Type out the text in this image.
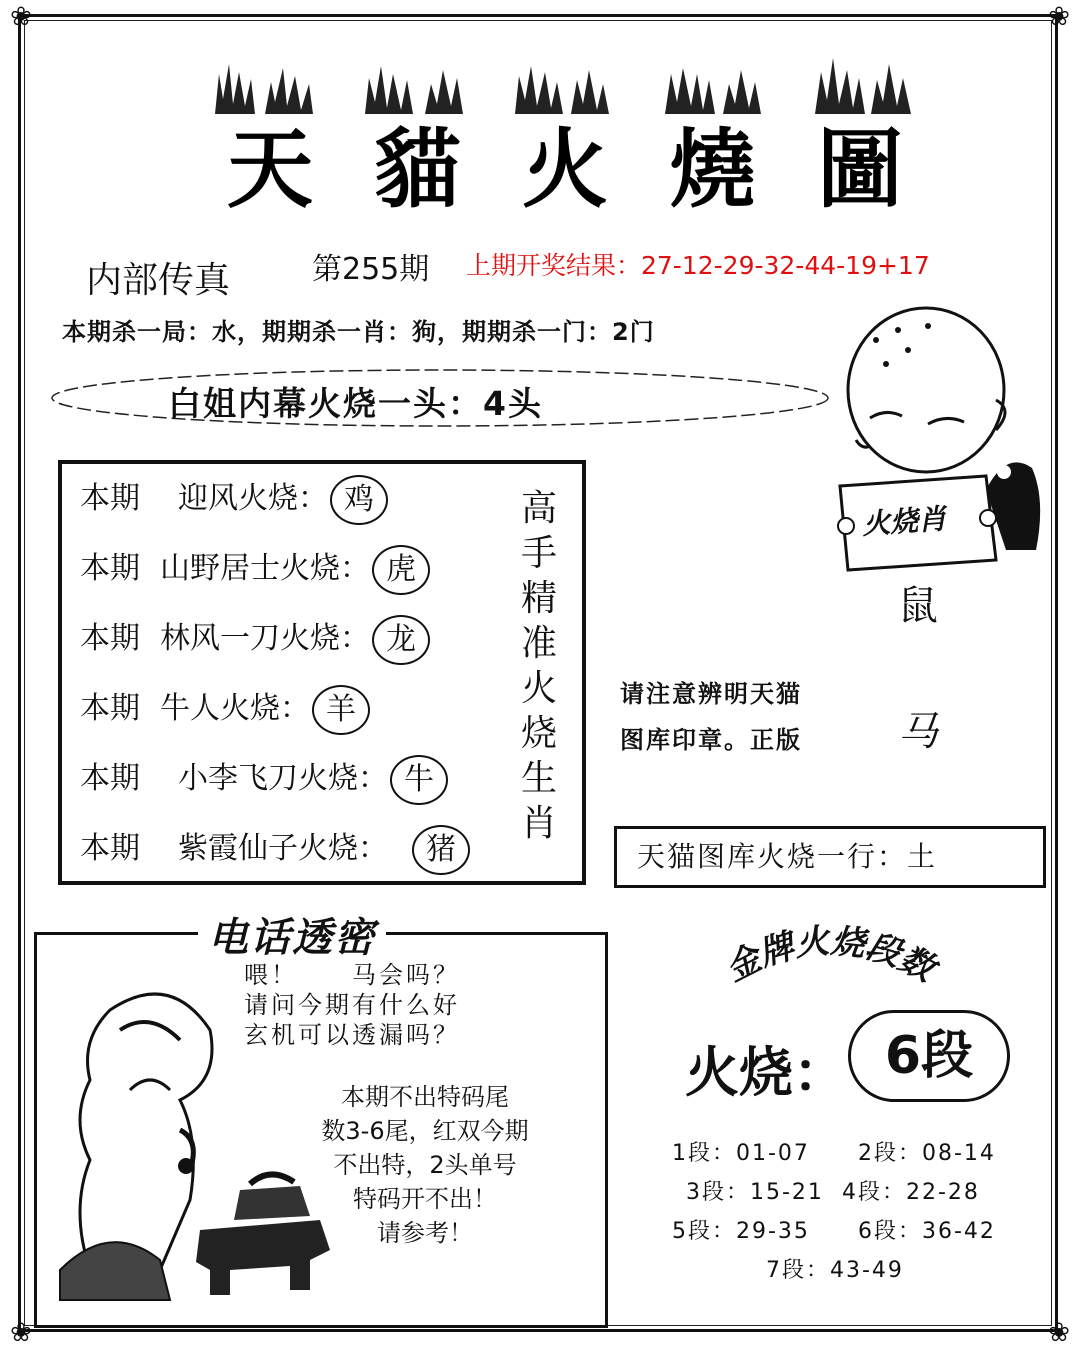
❀	❀
❀	❀
天 貓 火 燒 圖
内部传真	第255期 上期开奖结果：27-12-29-32-44-19+17
本期杀一局：水，期期杀一肖：狗，期期杀一门：2门
白姐内幕火烧一头：4头
本期 迎风火烧： 鸡
本期 山野居士火烧： 虎
本期 林风一刀火烧： 龙
本期 牛人火烧： 羊
本期 小李飞刀火烧： 牛
本期 紫霞仙子火烧： 猪
高
手
精
准
火
烧
生
肖
火烧肖
鼠
马
请注意辨明天猫
图库印章。正版
天猫图库火烧一行：土
电话透密
喂！　　马会吗？
请问今期有什么好
玄机可以透漏吗？
本期不出特码尾
数3-6尾，红双今期
不出特，2头单号
特码开不出！
请参考！
金牌火烧段数
火烧： 6段
1段：01-07 2段：08-14
3段：15-21 4段：22-28
5段：29-35 6段：36-42
7段：43-49
